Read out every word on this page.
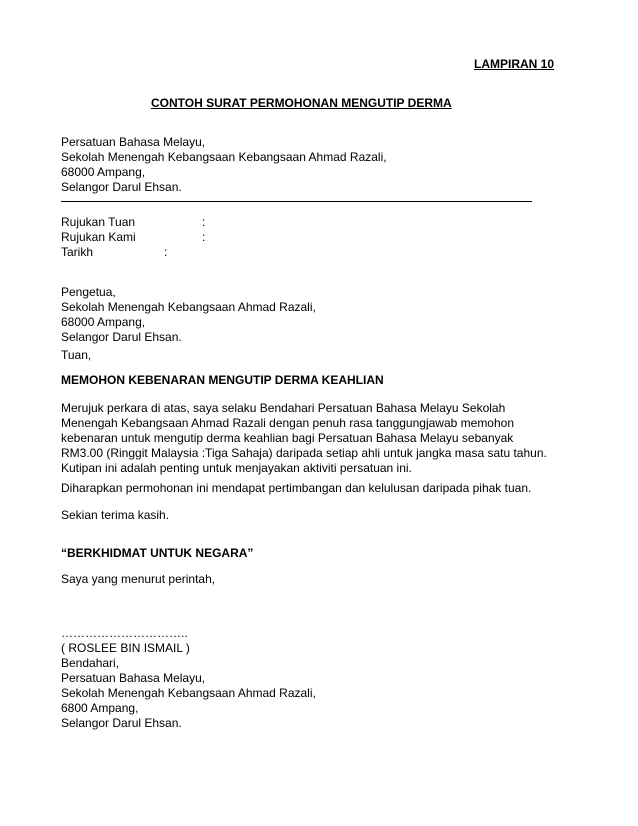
LAMPIRAN 10
CONTOH SURAT PERMOHONAN MENGUTIP DERMA
Persatuan Bahasa Melayu,
Sekolah Menengah Kebangsaan Kebangsaan Ahmad Razali,
68000 Ampang,
Selangor Darul Ehsan.
Rujukan Tuan	:
Rujukan Kami	:
Tarikh	:
Pengetua,
Sekolah Menengah Kebangsaan Ahmad Razali,
68000 Ampang,
Selangor Darul Ehsan.
Tuan,
MEMOHON KEBENARAN MENGUTIP DERMA KEAHLIAN
Merujuk perkara di atas, saya selaku Bendahari Persatuan Bahasa Melayu Sekolah
Menengah Kebangsaan Ahmad Razali dengan penuh rasa tanggungjawab memohon
kebenaran untuk mengutip derma keahlian bagi Persatuan Bahasa Melayu sebanyak
RM3.00 (Ringgit Malaysia :Tiga Sahaja) daripada setiap ahli untuk jangka masa satu tahun.
Kutipan ini adalah penting untuk menjayakan aktiviti persatuan ini.
Diharapkan permohonan ini mendapat pertimbangan dan kelulusan daripada pihak tuan.
Sekian terima kasih.
“BERKHIDMAT UNTUK NEGARA”
Saya yang menurut perintah,
…………………………..
( ROSLEE BIN ISMAIL )
Bendahari,
Persatuan Bahasa Melayu,
Sekolah Menengah Kebangsaan Ahmad Razali,
6800 Ampang,
Selangor Darul Ehsan.
